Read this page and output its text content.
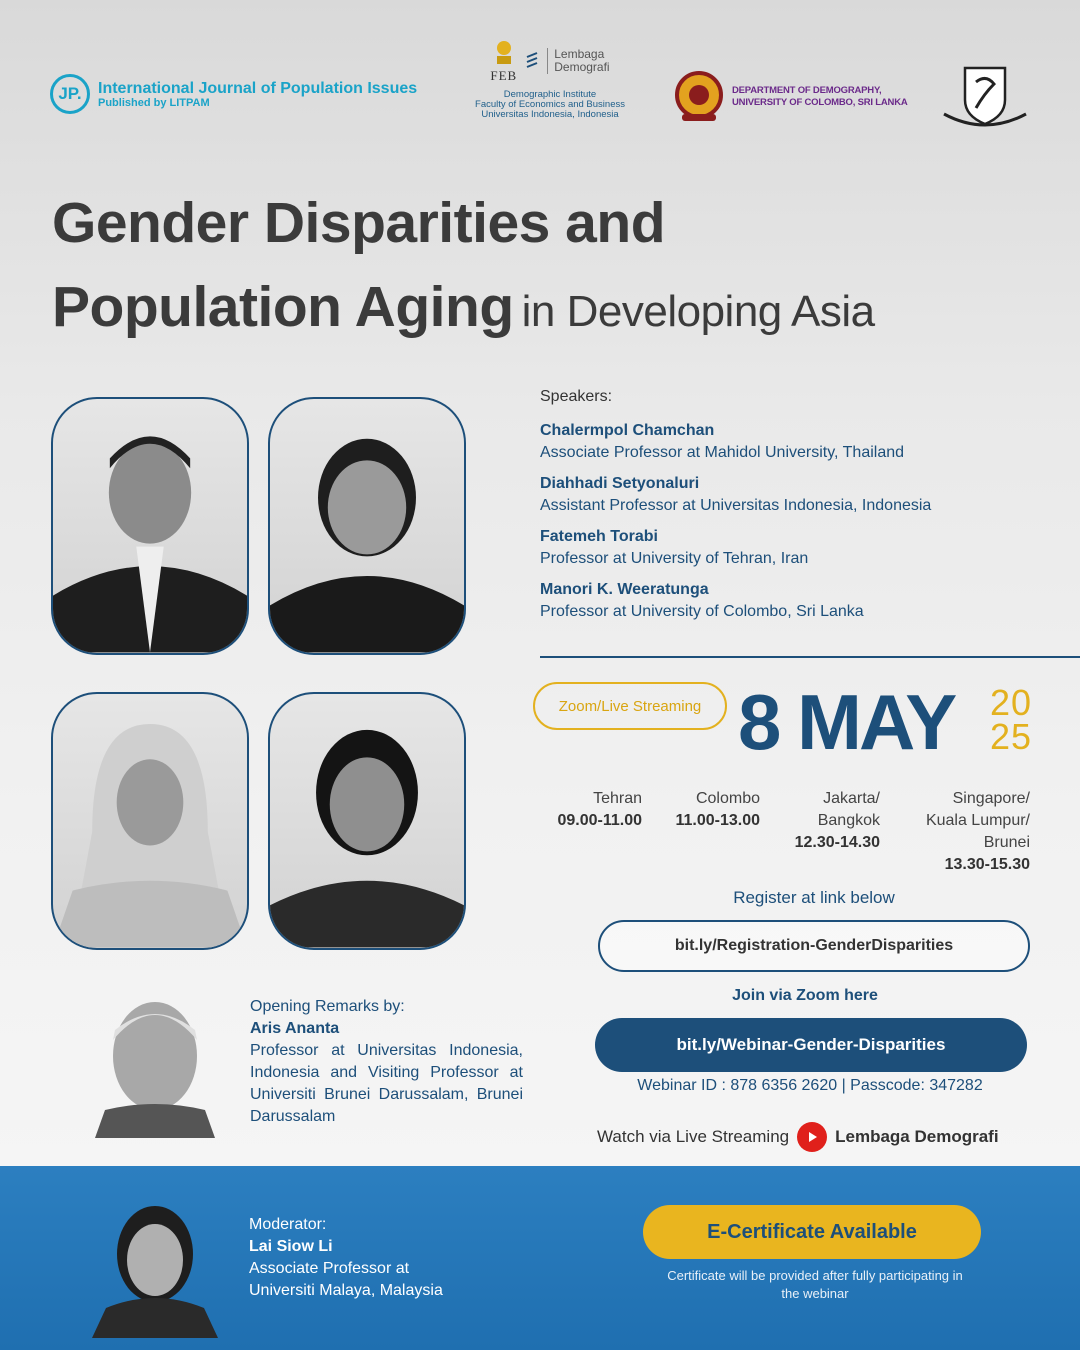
JP.	International Journal of Population Issues
Published by LITPAM
FEB
Lembaga
Demografi
Demographic Institute
Faculty of Economics and Business
Universitas Indonesia, Indonesia
DEPARTMENT OF DEMOGRAPHY,
UNIVERSITY OF COLOMBO, SRI LANKA
Gender Disparities and
Population Aging in Developing Asia
Speakers:
Chalermpol Chamchan
Associate Professor at Mahidol University, Thailand
Diahhadi Setyonaluri
Assistant Professor at Universitas Indonesia, Indonesia
Fatemeh Torabi
Professor at University of Tehran, Iran
Manori K. Weeratunga
Professor at University of Colombo, Sri Lanka
Zoom/Live Streaming 8 MAY 20
25
Tehran
09.00-11.00
Colombo
11.00-13.00
Jakarta/
Bangkok
12.30-14.30
Singapore/
Kuala Lumpur/
Brunei
13.30-15.30
Register at link below
bit.ly/Registration-GenderDisparities
Join via Zoom here
bit.ly/Webinar-Gender-Disparities
Webinar ID : 878 6356 2620 | Passcode: 347282
Watch via Live Streaming	Lembaga Demografi
Opening Remarks by:
Aris Ananta
Professor at Universitas Indonesia, Indonesia and Visiting Professor at Universiti Brunei Darussalam, Brunei Darussalam
Moderator:
Lai Siow Li
Associate Professor at
Universiti Malaya, Malaysia
E-Certificate Available
Certificate will be provided after fully participating in the webinar
